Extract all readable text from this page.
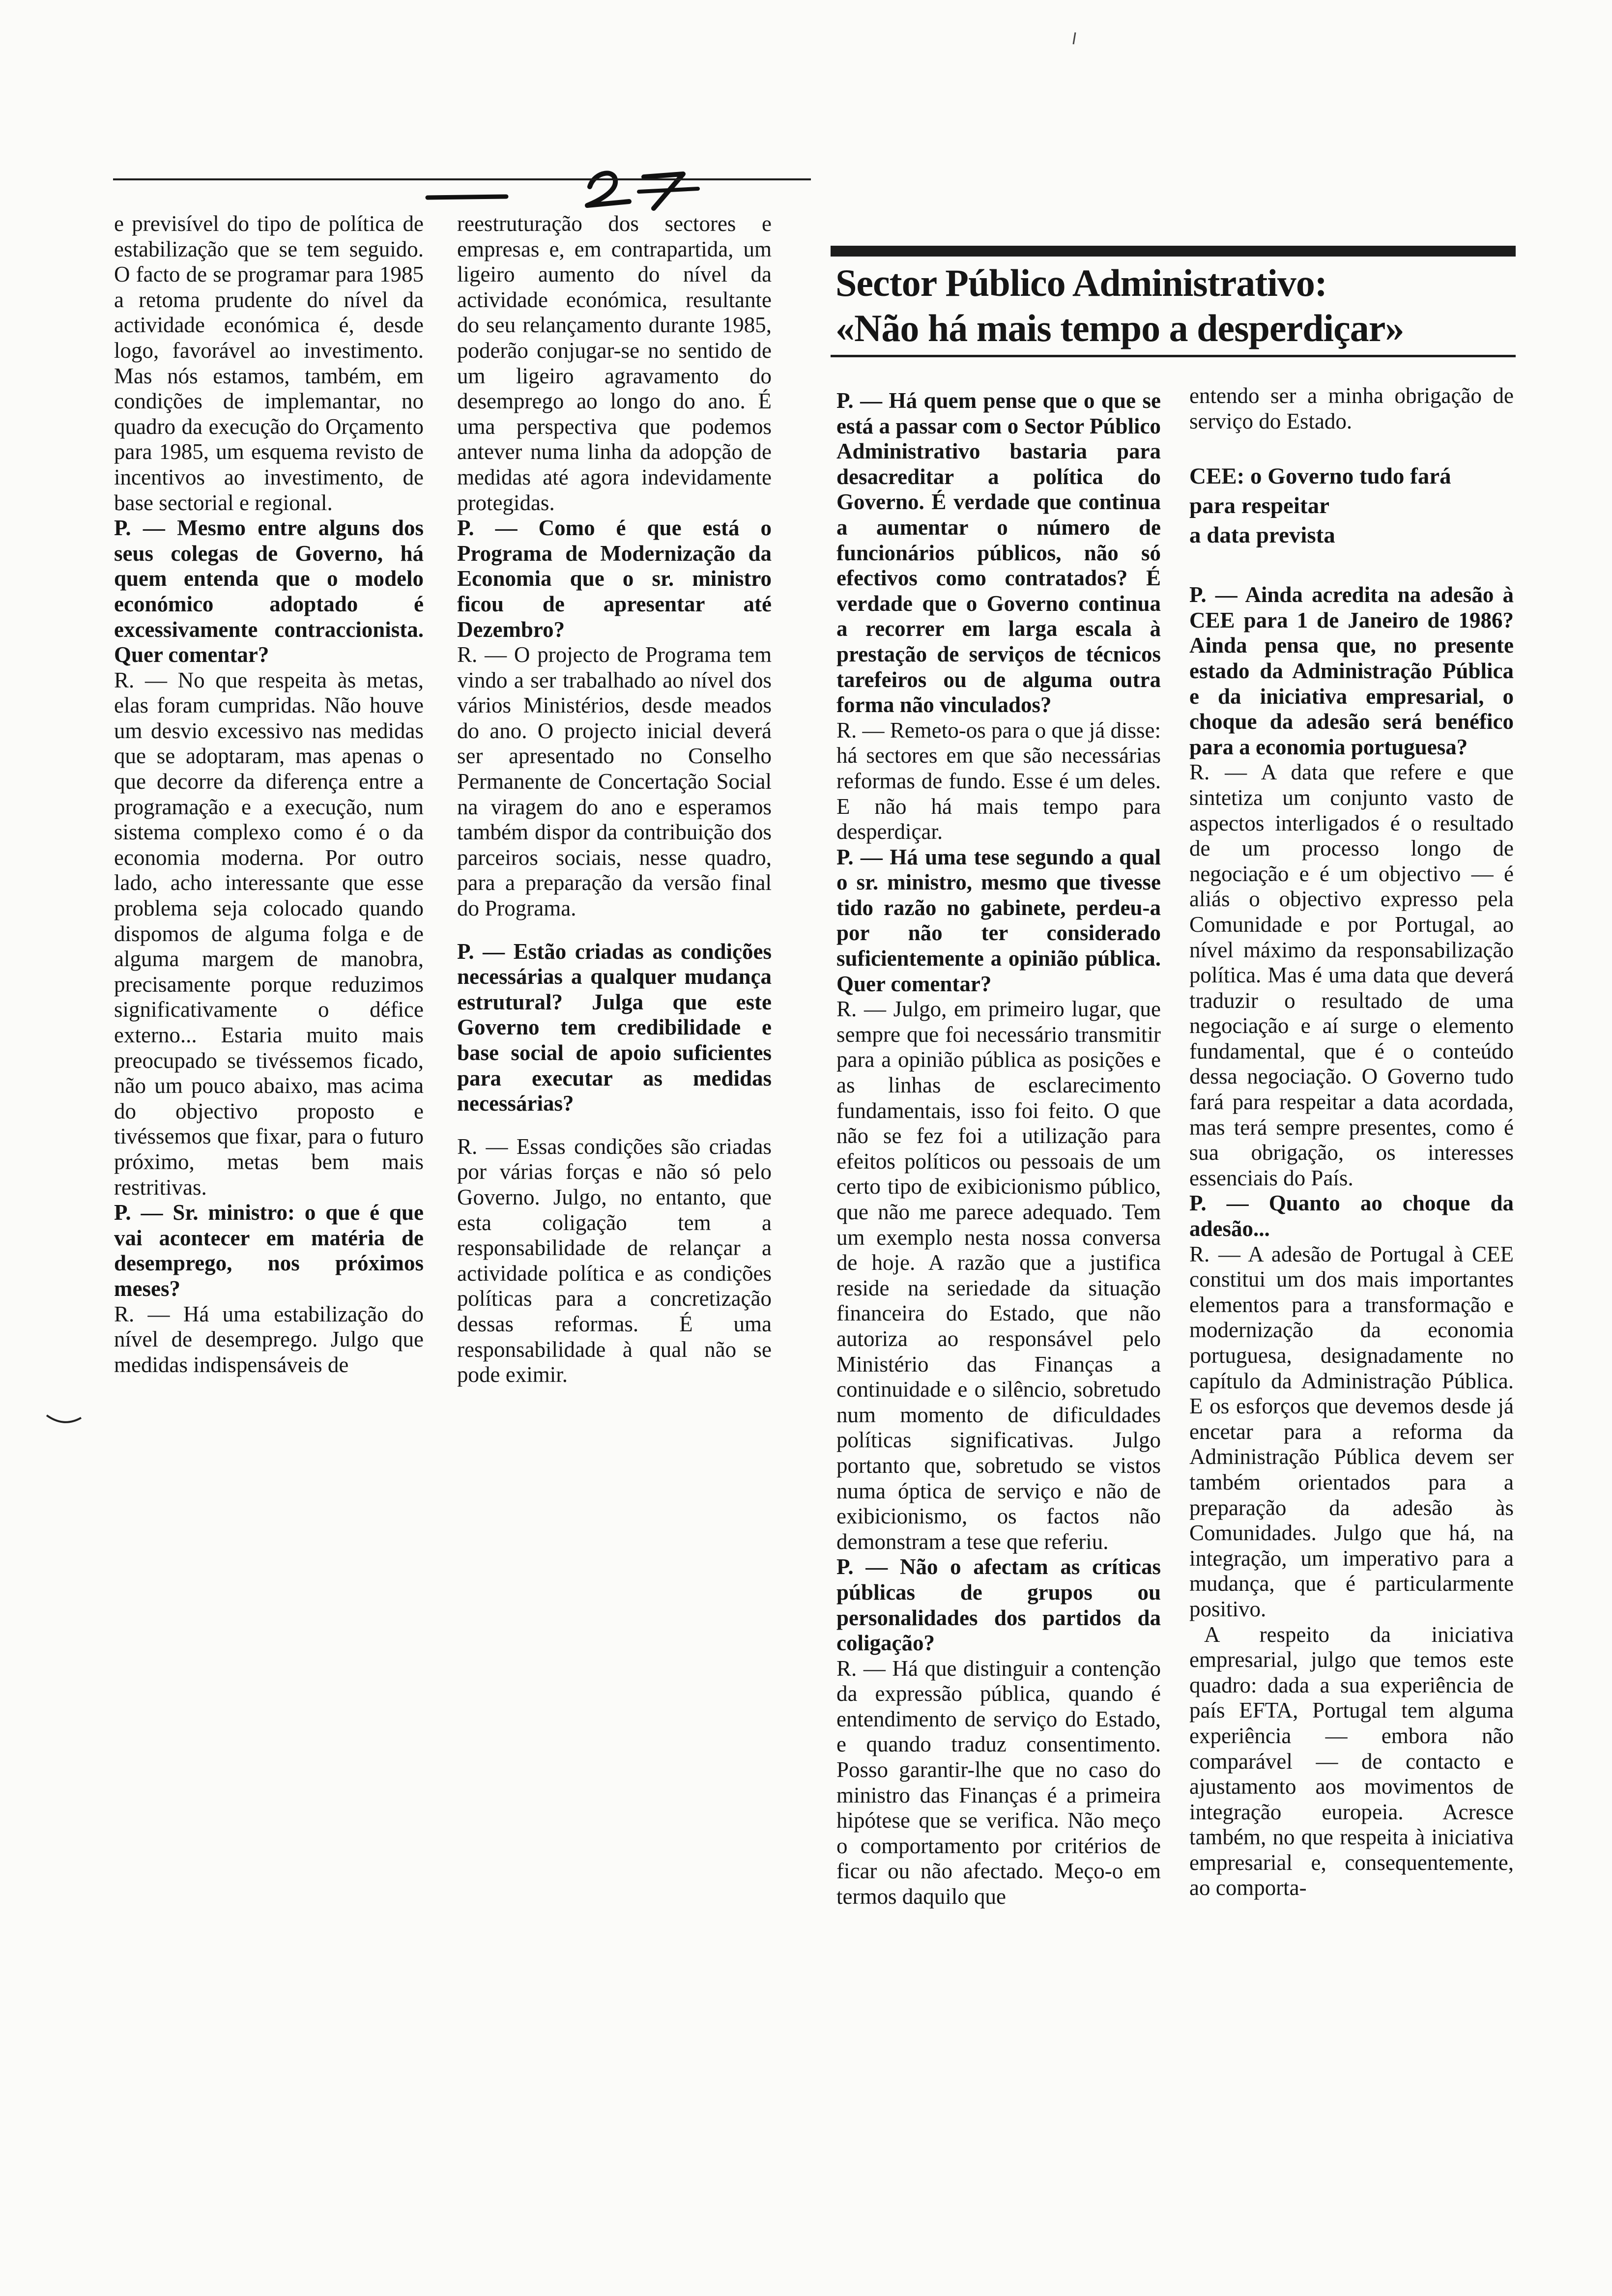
e previsível do tipo de política de estabilização que se tem seguido. O facto de se programar para 1985 a retoma prudente do nível da actividade económica é, desde logo, favorável ao investimento. Mas nós estamos, também, em condições de implemantar, no quadro da execução do Orçamento para 1985, um esquema revisto de incentivos ao investimento, de base sectorial e regional.

P. — Mesmo entre alguns dos seus colegas de Governo, há quem entenda que o modelo económico adoptado é excessivamente contraccionista. Quer comentar?

R. — No que respeita às metas, elas foram cumpridas. Não houve um desvio excessivo nas medidas que se adoptaram, mas apenas o que decorre da diferença entre a programação e a execução, num sistema complexo como é o da economia moderna. Por outro lado, acho interessante que esse problema seja colocado quando dispomos de alguma folga e de alguma margem de manobra, precisamente porque reduzimos significativamente o défice externo... Estaria muito mais preocupado se tivéssemos ficado, não um pouco abaixo, mas acima do objectivo proposto e tivéssemos que fixar, para o futuro próximo, metas bem mais restritivas.

P. — Sr. ministro: o que é que vai acontecer em matéria de desemprego, nos próximos meses?

R. — Há uma estabilização do nível de desemprego. Julgo que medidas indispensáveis de

reestruturação dos sectores e empresas e, em contrapartida, um ligeiro aumento do nível da actividade económica, resultante do seu relançamento durante 1985, poderão conjugar-se no sentido de um ligeiro agravamento do desemprego ao longo do ano. É uma perspectiva que podemos antever numa linha da adopção de medidas até agora indevidamente protegidas.

P. — Como é que está o Programa de Modernização da Economia que o sr. ministro ficou de apresentar até Dezembro?

R. — O projecto de Programa tem vindo a ser trabalhado ao nível dos vários Ministérios, desde meados do ano. O projecto inicial deverá ser apresentado no Conselho Permanente de Concertação Social na viragem do ano e esperamos também dispor da contribuição dos parceiros sociais, nesse quadro, para a preparação da versão final do Programa.

P. — Estão criadas as condições necessárias a qualquer mudança estrutural? Julga que este Governo tem credibilidade e base social de apoio suficientes para executar as medidas necessárias?

R. — Essas condições são criadas por várias forças e não só pelo Governo. Julgo, no entanto, que esta coligação tem a responsabilidade de relançar a actividade política e as condições políticas para a concretização dessas reformas. É uma responsabilidade à qual não se pode eximir.

Sector Público Administrativo:
«Não há mais tempo a desperdiçar»

P. — Há quem pense que o que se está a passar com o Sector Público Administrativo bastaria para desacreditar a política do Governo. É verdade que continua a aumentar o número de funcionários públicos, não só efectivos como contratados? É verdade que o Governo continua a recorrer em larga escala à prestação de serviços de técnicos tarefeiros ou de alguma outra forma não vinculados?

R. — Remeto-os para o que já disse: há sectores em que são necessárias reformas de fundo. Esse é um deles. E não há mais tempo para desperdiçar.

P. — Há uma tese segundo a qual o sr. ministro, mesmo que tivesse tido razão no gabinete, perdeu-a por não ter considerado suficientemente a opinião pública. Quer comentar?

R. — Julgo, em primeiro lugar, que sempre que foi necessário transmitir para a opinião pública as posições e as linhas de esclarecimento fundamentais, isso foi feito. O que não se fez foi a utilização para efeitos políticos ou pessoais de um certo tipo de exibicionismo público, que não me parece adequado. Tem um exemplo nesta nossa conversa de hoje. A razão que a justifica reside na seriedade da situação financeira do Estado, que não autoriza ao responsável pelo Ministério das Finanças a continuidade e o silêncio, sobretudo num momento de dificuldades políticas significativas. Julgo portanto que, sobretudo se vistos numa óptica de serviço e não de exibicionismo, os factos não demonstram a tese que referiu.

P. — Não o afectam as críticas públicas de grupos ou personalidades dos partidos da coligação?

R. — Há que distinguir a contenção da expressão pública, quando é entendimento de serviço do Estado, e quando traduz consentimento. Posso garantir-lhe que no caso do ministro das Finanças é a primeira hipótese que se verifica. Não meço o comportamento por critérios de ficar ou não afectado. Meço-o em termos daquilo que

entendo ser a minha obrigação de serviço do Estado.

CEE: o Governo tudo fará
para respeitar
a data prevista

P. — Ainda acredita na adesão à CEE para 1 de Janeiro de 1986? Ainda pensa que, no presente estado da Administração Pública e da iniciativa empresarial, o choque da adesão será benéfico para a economia portuguesa?

R. — A data que refere e que sintetiza um conjunto vasto de aspectos interligados é o resultado de um processo longo de negociação e é um objectivo — é aliás o objectivo expresso pela Comunidade e por Portugal, ao nível máximo da responsabilização política. Mas é uma data que deverá traduzir o resultado de uma negociação e aí surge o elemento fundamental, que é o conteúdo dessa negociação. O Governo tudo fará para respeitar a data acordada, mas terá sempre presentes, como é sua obrigação, os interesses essenciais do País.

P. — Quanto ao choque da adesão...

R. — A adesão de Portugal à CEE constitui um dos mais importantes elementos para a transformação e modernização da economia portuguesa, designadamente no capítulo da Administração Pública. E os esforços que devemos desde já encetar para a reforma da Administração Pública devem ser também orientados para a preparação da adesão às Comunidades. Julgo que há, na integração, um imperativo para a mudança, que é particularmente positivo.

A respeito da iniciativa empresarial, julgo que temos este quadro: dada a sua experiência de país EFTA, Portugal tem alguma experiência — embora não comparável — de contacto e ajustamento aos movimentos de integração europeia. Acresce também, no que respeita à iniciativa empresarial e, consequentemente, ao comporta-
